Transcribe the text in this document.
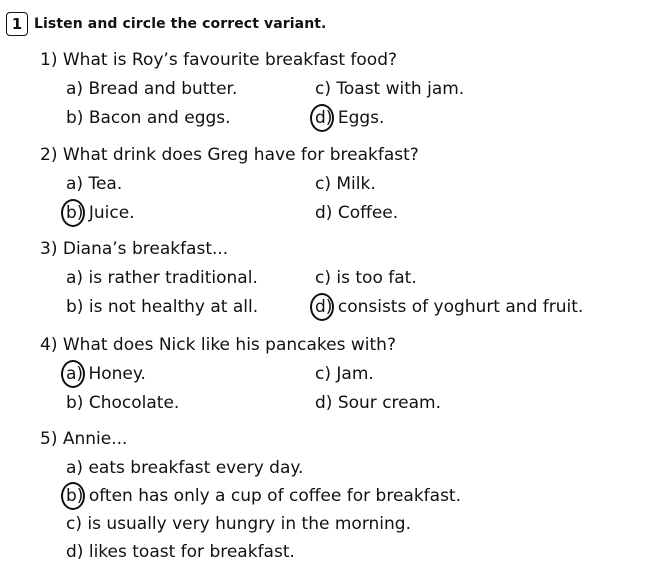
1 Listen and circle the correct variant.
1) What is Roy’s favourite breakfast food?
a) Bread and butter.
b) Bacon and eggs.
c) Toast with jam.
d) Eggs.
2) What drink does Greg have for breakfast?
a) Tea.
b) Juice.
c) Milk.
d) Coffee.
3) Diana’s breakfast...
a) is rather traditional.
b) is not healthy at all.
c) is too fat.
d) consists of yoghurt and fruit.
4) What does Nick like his pancakes with?
a) Honey.
b) Chocolate.
c) Jam.
d) Sour cream.
5) Annie...
a) eats breakfast every day.
b) often has only a cup of coffee for breakfast.
c) is usually very hungry in the morning.
d) likes toast for breakfast.
